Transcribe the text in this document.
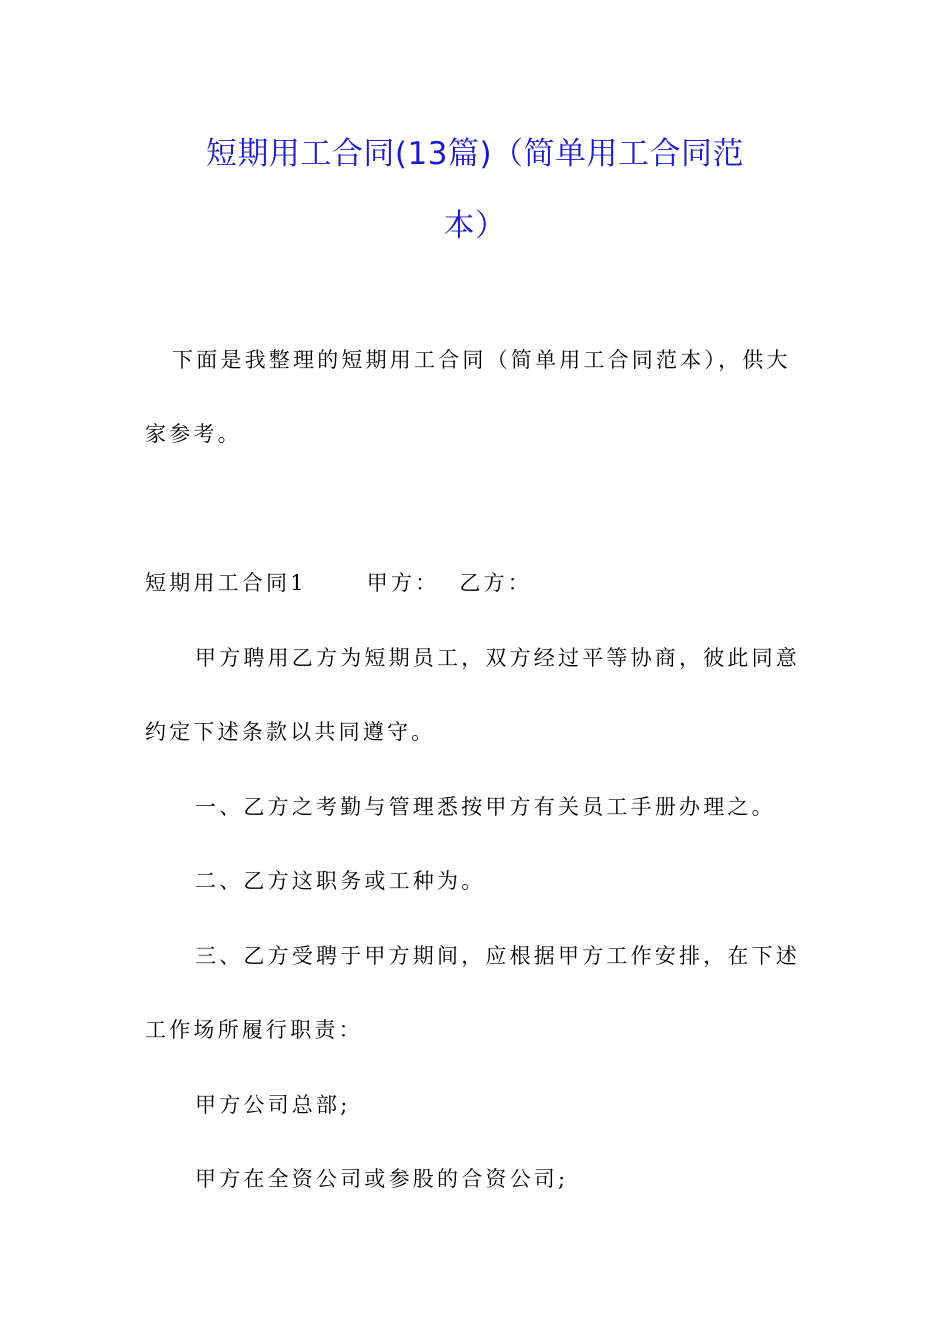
短期用工合同(13篇)（简单用工合同范
本）
下面是我整理的短期用工合同（简单用工合同范本），供大
家参考。
短期用工合同1	甲方： 乙方：
甲方聘用乙方为短期员工，双方经过平等协商，彼此同意
约定下述条款以共同遵守。
一、乙方之考勤与管理悉按甲方有关员工手册办理之。
二、乙方这职务或工种为。
三、乙方受聘于甲方期间，应根据甲方工作安排，在下述
工作场所履行职责：
甲方公司总部;
甲方在全资公司或参股的合资公司;
